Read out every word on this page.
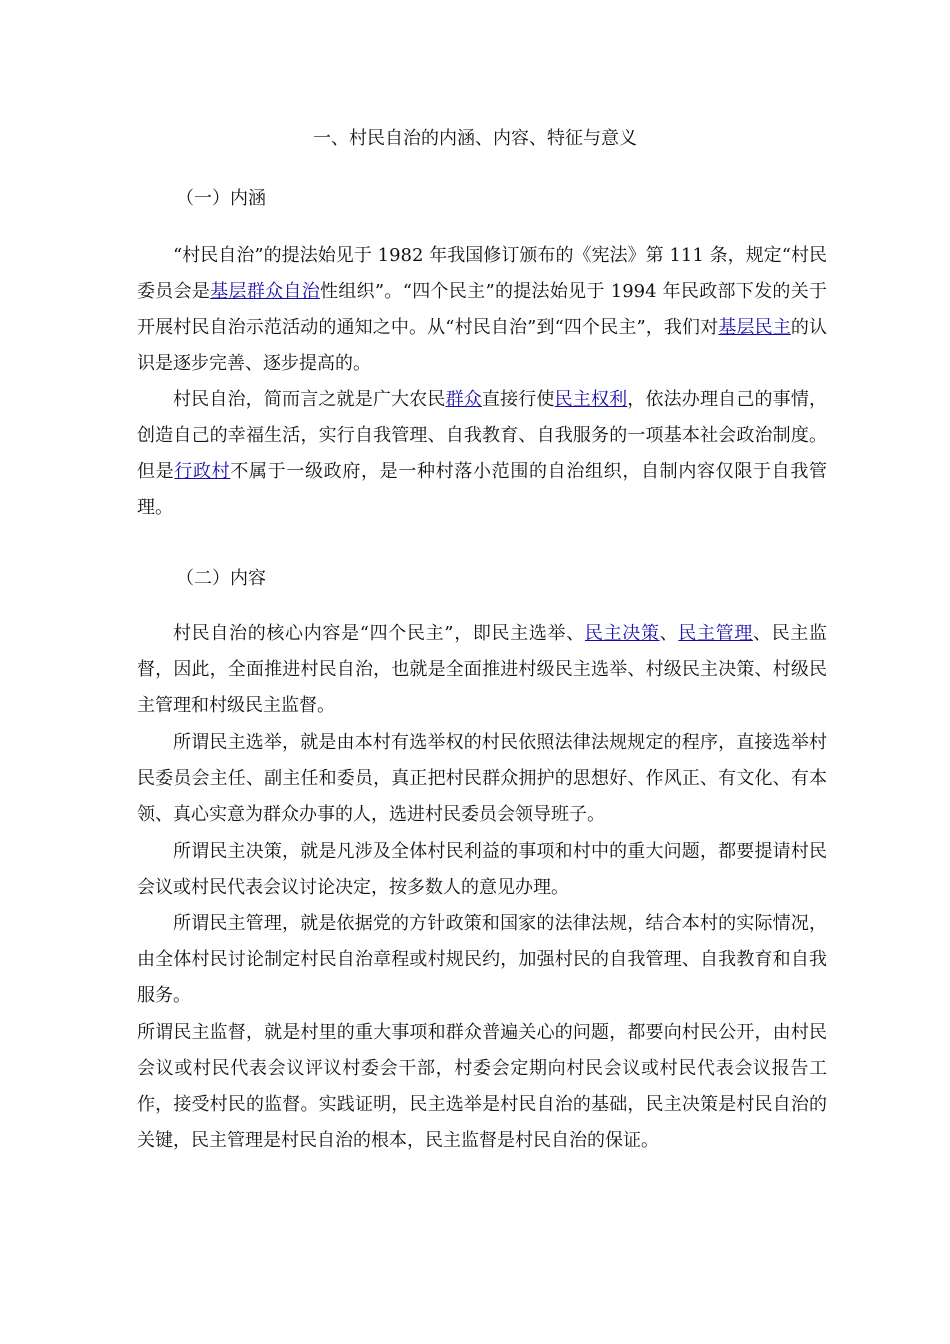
一、村民自治的内涵、内容、特征与意义
（一）内涵

“村民自治”的提法始见于 1982 年我国修订颁布的《宪法》第 111 条，规定“村民委员会是基层群众自治性组织”。“四个民主”的提法始见于 1994 年民政部下发的关于开展村民自治示范活动的通知之中。从“村民自治”到“四个民主”，我们对基层民主的认识是逐步完善、逐步提高的。

村民自治，简而言之就是广大农民群众直接行使民主权利，依法办理自己的事情，创造自己的幸福生活，实行自我管理、自我教育、自我服务的一项基本社会政治制度。但是行政村不属于一级政府，是一种村落小范围的自治组织，自制内容仅限于自我管理。

（二）内容

村民自治的核心内容是“四个民主”，即民主选举、民主决策、民主管理、民主监督，因此，全面推进村民自治，也就是全面推进村级民主选举、村级民主决策、村级民主管理和村级民主监督。

所谓民主选举，就是由本村有选举权的村民依照法律法规规定的程序，直接选举村民委员会主任、副主任和委员，真正把村民群众拥护的思想好、作风正、有文化、有本领、真心实意为群众办事的人，选进村民委员会领导班子。

所谓民主决策，就是凡涉及全体村民利益的事项和村中的重大问题，都要提请村民会议或村民代表会议讨论决定，按多数人的意见办理。

所谓民主管理，就是依据党的方针政策和国家的法律法规，结合本村的实际情况，由全体村民讨论制定村民自治章程或村规民约，加强村民的自我管理、自我教育和自我服务。

所谓民主监督，就是村里的重大事项和群众普遍关心的问题，都要向村民公开，由村民会议或村民代表会议评议村委会干部，村委会定期向村民会议或村民代表会议报告工作，接受村民的监督。实践证明，民主选举是村民自治的基础，民主决策是村民自治的关键，民主管理是村民自治的根本，民主监督是村民自治的保证。
